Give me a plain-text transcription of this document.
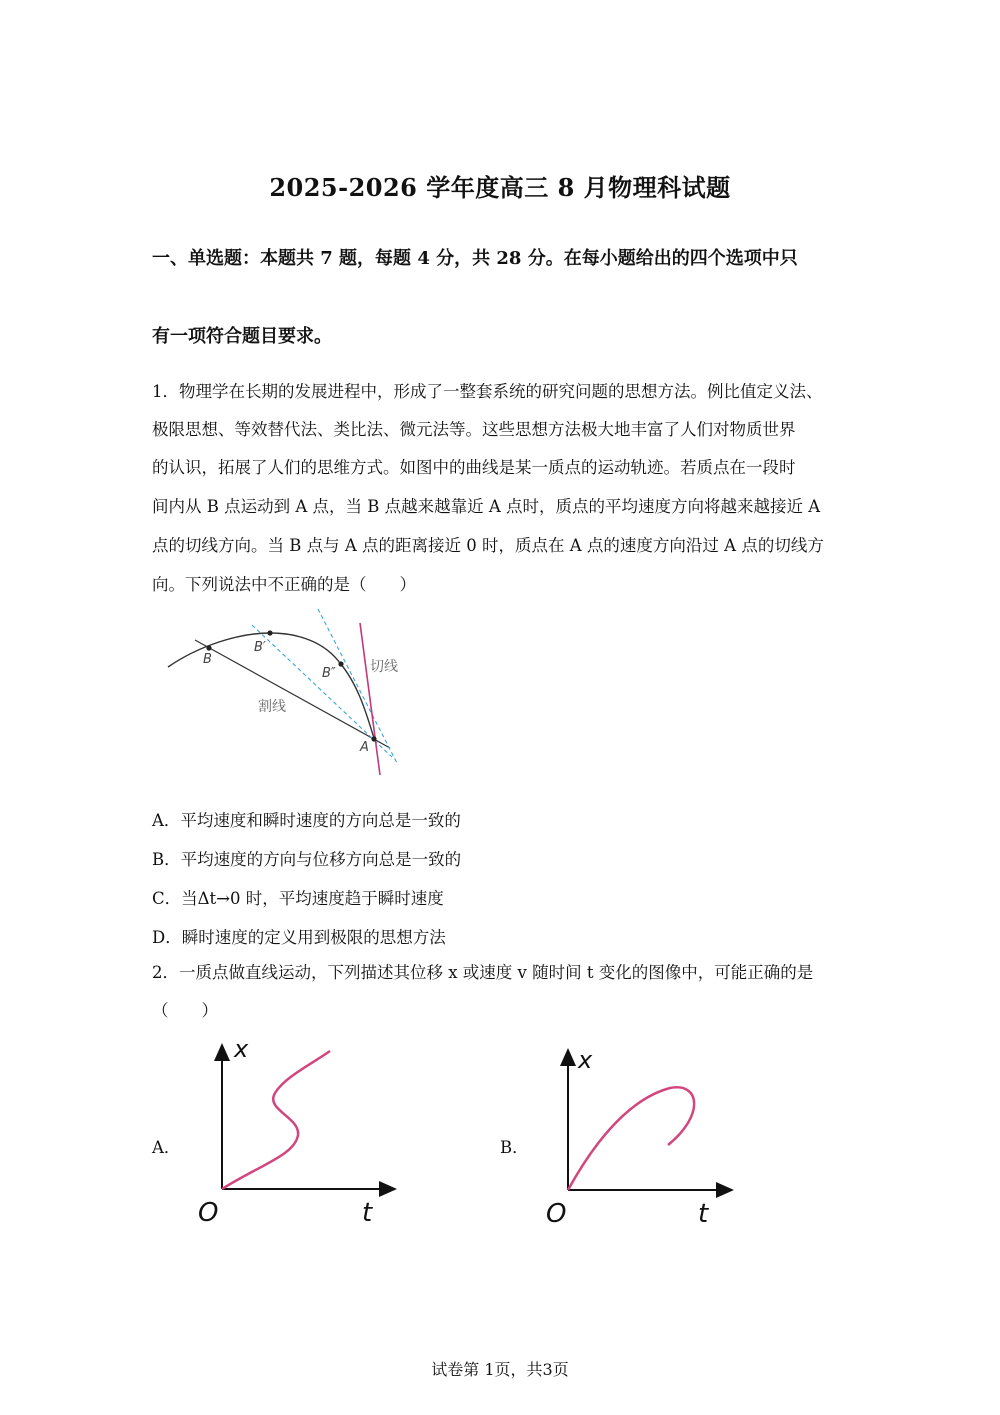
2025-2026 学年度高三 8 月物理科试题
一、单选题：本题共 7 题，每题 4 分，共 28 分。在每小题给出的四个选项中只
有一项符合题目要求。
1．物理学在长期的发展进程中，形成了一整套系统的研究问题的思想方法。例比值定义法、
极限思想、等效替代法、类比法、微元法等。这些思想方法极大地丰富了人们对物质世界
的认识，拓展了人们的思维方式。如图中的曲线是某一质点的运动轨迹。若质点在一段时
间内从 B 点运动到 A 点，当 B 点越来越靠近 A 点时，质点的平均速度方向将越来越接近 A
点的切线方向。当 B 点与 A 点的距离接近 0 时，质点在 A 点的速度方向沿过 A 点的切线方
向。下列说法中不正确的是（　　）
B
B′
B″
A
切线
割线
A．平均速度和瞬时速度的方向总是一致的
B．平均速度的方向与位移方向总是一致的
C．当Δt→0 时，平均速度趋于瞬时速度
D．瞬时速度的定义用到极限的思想方法
2．一质点做直线运动，下列描述其位移 x 或速度 v 随时间 t 变化的图像中，可能正确的是
（　　）
A．
x
t
O
B．
x
t
O
试卷第 1页，共3页
